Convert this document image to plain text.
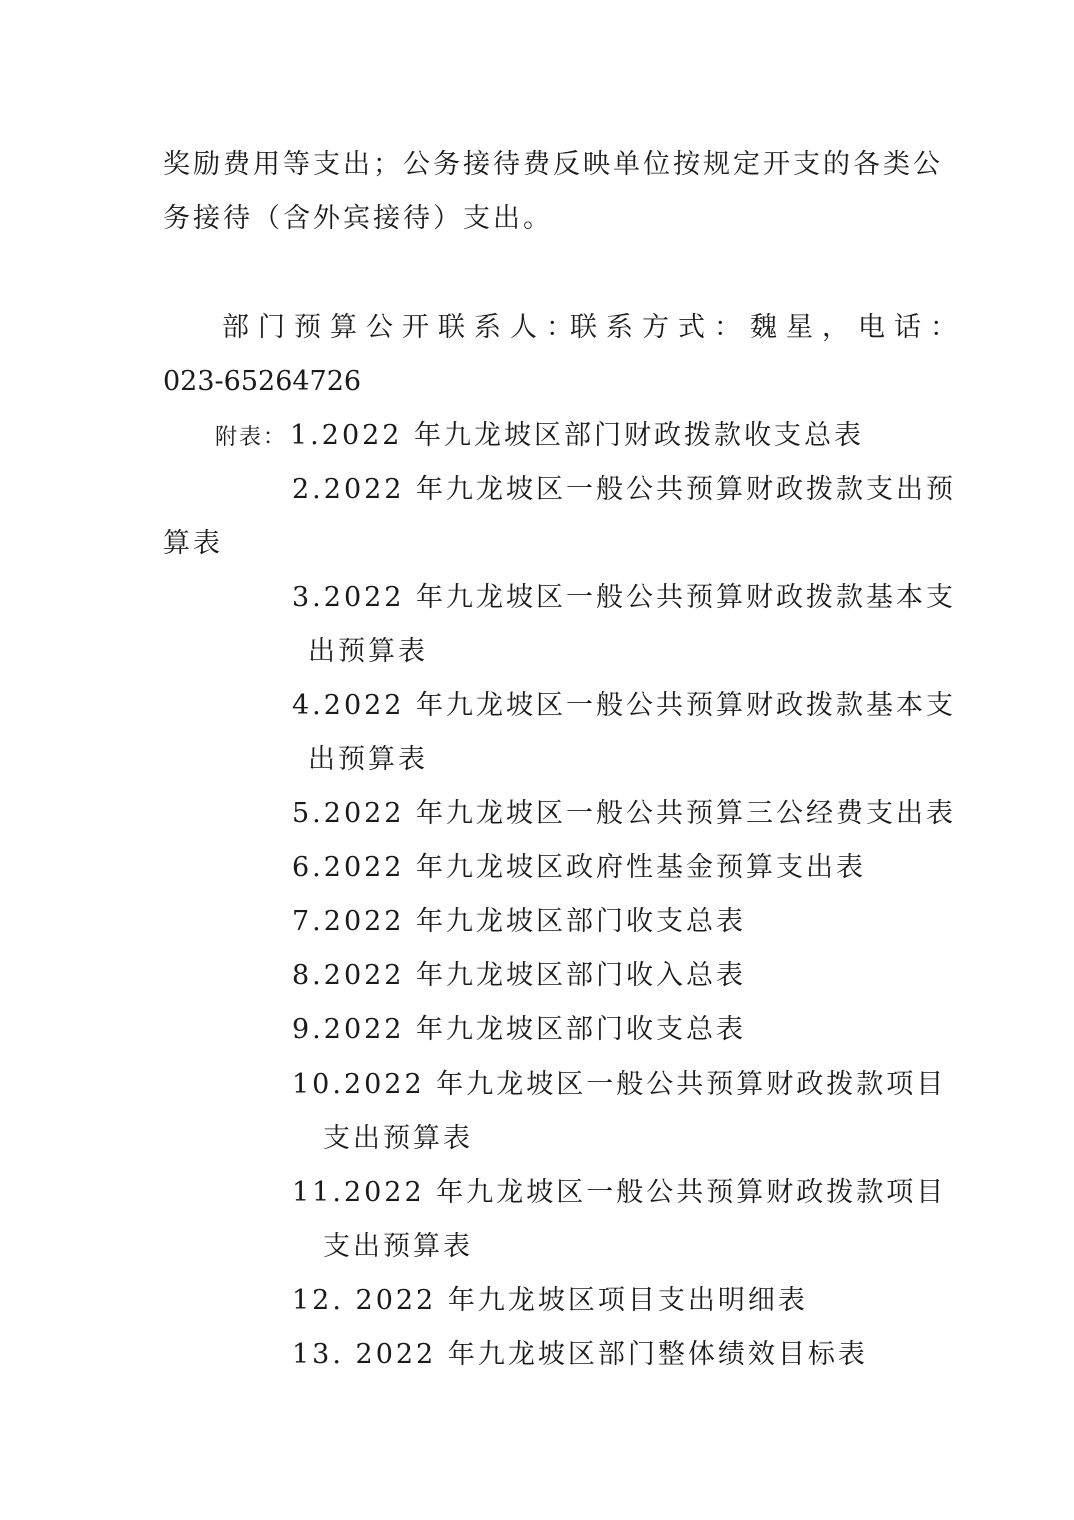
奖励费用等支出；公务接待费反映单位按规定开支的各类公

务接待（含外宾接待）支出。

部门预算公开联系人：

联系方式：魏星，电话：

023-65264726

附表： 1.2022 年九龙坡区部门财政拨款收支总表

2.2022 年九龙坡区一般公共预算财政拨款支出预

算表

3.2022 年九龙坡区一般公共预算财政拨款基本支

出预算表

4.2022 年九龙坡区一般公共预算财政拨款基本支

出预算表

5.2022 年九龙坡区一般公共预算三公经费支出表

6.2022 年九龙坡区政府性基金预算支出表

7.2022 年九龙坡区部门收支总表

8.2022 年九龙坡区部门收入总表

9.2022 年九龙坡区部门收支总表

10.2022 年九龙坡区一般公共预算财政拨款项目

支出预算表

11.2022 年九龙坡区一般公共预算财政拨款项目

支出预算表

12. 2022 年九龙坡区项目支出明细表

13. 2022 年九龙坡区部门整体绩效目标表
